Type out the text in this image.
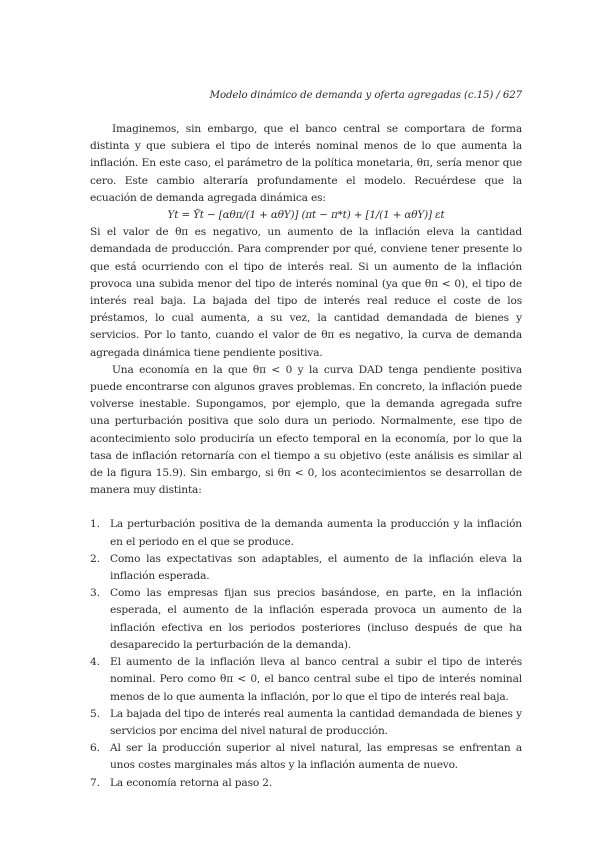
Modelo dinámico de demanda y oferta agregadas (c.15) / 627

Imaginemos, sin embargo, que el banco central se comportara de forma distinta y que subiera el tipo de interés nominal menos de lo que aumenta la inflación. En este caso, el parámetro de la política monetaria, θπ, sería menor que cero. Este cambio alteraría profundamente el modelo. Recuérdese que la ecuación de demanda agregada dinámica es:

Yt = Ȳt − [αθπ/(1 + αθY)] (πt − π*t) + [1/(1 + αθY)] εt

Si el valor de θπ es negativo, un aumento de la inflación eleva la cantidad demandada de producción. Para comprender por qué, conviene tener presente lo que está ocurriendo con el tipo de interés real. Si un aumento de la inflación provoca una subida menor del tipo de interés nominal (ya que θπ < 0), el tipo de interés real baja. La bajada del tipo de interés real reduce el coste de los préstamos, lo cual aumenta, a su vez, la cantidad demandada de bienes y servicios. Por lo tanto, cuando el valor de θπ es negativo, la curva de demanda agregada dinámica tiene pendiente positiva.

Una economía en la que θπ < 0 y la curva DAD tenga pendiente positiva puede encontrarse con algunos graves problemas. En concreto, la inflación puede volverse inestable. Supongamos, por ejemplo, que la demanda agregada sufre una perturbación positiva que solo dura un periodo. Normalmente, ese tipo de acontecimiento solo produciría un efecto temporal en la economía, por lo que la tasa de inflación retornaría con el tiempo a su objetivo (este análisis es similar al de la figura 15.9). Sin embargo, si θπ < 0, los acontecimientos se desarrollan de manera muy distinta:

1. La perturbación positiva de la demanda aumenta la producción y la inflación en el periodo en el que se produce.
2. Como las expectativas son adaptables, el aumento de la inflación eleva la inflación esperada.
3. Como las empresas fijan sus precios basándose, en parte, en la inflación esperada, el aumento de la inflación esperada provoca un aumento de la inflación efectiva en los periodos posteriores (incluso después de que ha desaparecido la perturbación de la demanda).
4. El aumento de la inflación lleva al banco central a subir el tipo de interés nominal. Pero como θπ < 0, el banco central sube el tipo de interés nominal menos de lo que aumenta la inflación, por lo que el tipo de interés real baja.
5. La bajada del tipo de interés real aumenta la cantidad demandada de bienes y servicios por encima del nivel natural de producción.
6. Al ser la producción superior al nivel natural, las empresas se enfrentan a unos costes marginales más altos y la inflación aumenta de nuevo.
7. La economía retorna al paso 2.
